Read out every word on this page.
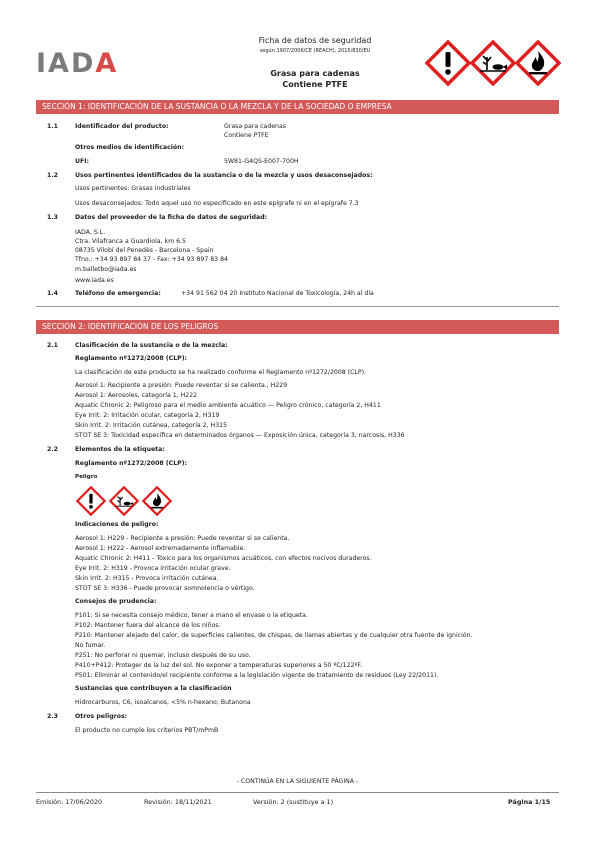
IADA
Ficha de datos de seguridad
según 1907/2006/CE (REACH), 2015/830/EU
Grasa para cadenas
Contiene PTFE
SECCIÓN 1: IDENTIFICACIÓN DE LA SUSTANCIA O LA MEZCLA Y DE LA SOCIEDAD O EMPRESA
1.1	Identificador del producto:	Grasa para cadenas
Contiene PTFE
Otros medios de identificación:
UFI:	5W81-G4QS-E007-700H
1.2	Usos pertinentes identificados de la sustancia o de la mezcla y usos desaconsejados:
Usos pertinentes: Grasas industriales
Usos desaconsejados: Todo aquel uso no especificado en este epígrafe ni en el epígrafe 7.3
1.3	Datos del proveedor de la ficha de datos de seguridad:
IADA, S.L.
Ctra. Vilafranca a Guardiola, km 6.5
08735 Vilobí del Penedès - Barcelona - Spain
Tfno.: +34 93 897 84 37 - Fax: +34 93 897 83 84
m.balletbo@iada.es
www.iada.es
1.4	Teléfono de emergencia:	+34 91 562 04 20 Instituto Nacional de Toxicología, 24h al día
SECCIÓN 2: IDENTIFICACIÓN DE LOS PELIGROS
2.1	Clasificación de la sustancia o de la mezcla:
Reglamento nº1272/2008 (CLP):
La clasificación de este producto se ha realizado conforme el Reglamento nº1272/2008 (CLP).
Aerosol 1: Recipiente a presión: Puede reventar si se calienta., H229
Aerosol 1: Aerosoles, categoría 1, H222
Aquatic Chronic 2: Peligroso para el medio ambiente acuático — Peligro crónico, categoría 2, H411
Eye Irrit. 2: Irritación ocular, categoría 2, H319
Skin Irrit. 2: Irritación cutánea, categoría 2, H315
STOT SE 3: Toxicidad específica en determinados órganos — Exposición única, categoría 3, narcosis, H336
2.2	Elementos de la etiqueta:
Reglamento nº1272/2008 (CLP):
Peligro
Indicaciones de peligro:
Aerosol 1: H229 - Recipiente a presión: Puede reventar si se calienta.
Aerosol 1: H222 - Aerosol extremadamente inflamable.
Aquatic Chronic 2: H411 - Tóxico para los organismos acuáticos, con efectos nocivos duraderos.
Eye Irrit. 2: H319 - Provoca irritación ocular grave.
Skin Irrit. 2: H315 - Provoca irritación cutánea.
STOT SE 3: H336 - Puede provocar somnolencia o vértigo.
Consejos de prudencia:
P101: Si se necesita consejo médico, tener a mano el envase o la etiqueta.
P102: Mantener fuera del alcance de los niños.
P210: Mantener alejado del calor, de superficies calientes, de chispas, de llamas abiertas y de cualquier otra fuente de ignición.
No fumar.
P251: No perforar ni quemar, incluso después de su uso.
P410+P412: Proteger de la luz del sol. No exponer a temperaturas superiores a 50 ºC/122ºF.
P501: Eliminar el contenido/el recipiente conforme a la legislación vigente de tratamiento de residuos (Ley 22/2011).
Sustancias que contribuyen a la clasificación
Hidrocarburos, C6, isoalcanos, <5% n-hexano; Butanona
2.3	Otros peligros:
El producto no cumple los criterios PBT/mPmB
- CONTINÚA EN LA SIGUIENTE PÁGINA -
Emisión: 17/06/2020	Revisión: 18/11/2021	Versión: 2 (sustituye a 1)	Página 1/15
